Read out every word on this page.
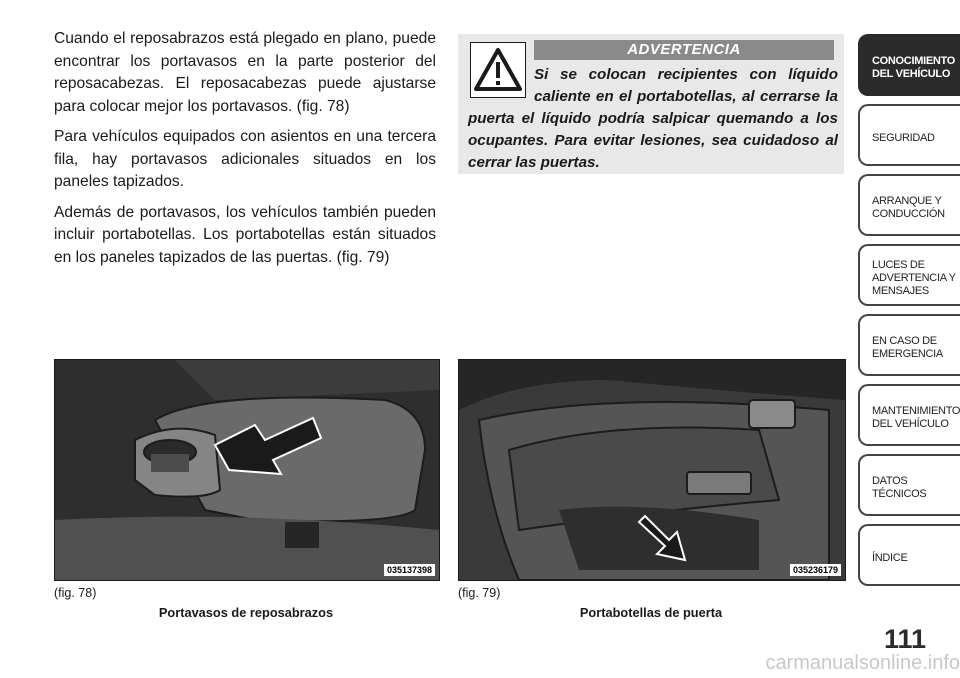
Cuando el reposabrazos está plegado en plano, puede encontrar los portavasos en la parte posterior del reposacabezas. El reposacabezas puede ajustarse para colocar mejor los portavasos. (fig. 78)

Para vehículos equipados con asientos en una tercera fila, hay portavasos adicionales situados en los paneles tapizados.

Además de portavasos, los vehículos también pueden incluir portabotellas. Los portabotellas están situados en los paneles tapizados de las puertas. (fig. 79)

ADVERTENCIA

Si se colocan recipientes con líquido caliente en el portabotellas, al cerrarse la puerta el líquido podría salpicar quemando a los ocupantes. Para evitar lesiones, sea cuidadoso al cerrar las puertas.

035137398
(fig. 78)
Portavasos de reposabrazos
035236179
(fig. 79)
Portabotellas de puerta
CONOCIMIENTO
DEL VEHÍCULO
SEGURIDAD
ARRANQUE Y
CONDUCCIÓN
LUCES DE
ADVERTENCIA Y
MENSAJES
EN CASO DE
EMERGENCIA
MANTENIMIENTO
DEL VEHÍCULO
DATOS
TÉCNICOS
ÍNDICE
111
carmanualsonline.info
